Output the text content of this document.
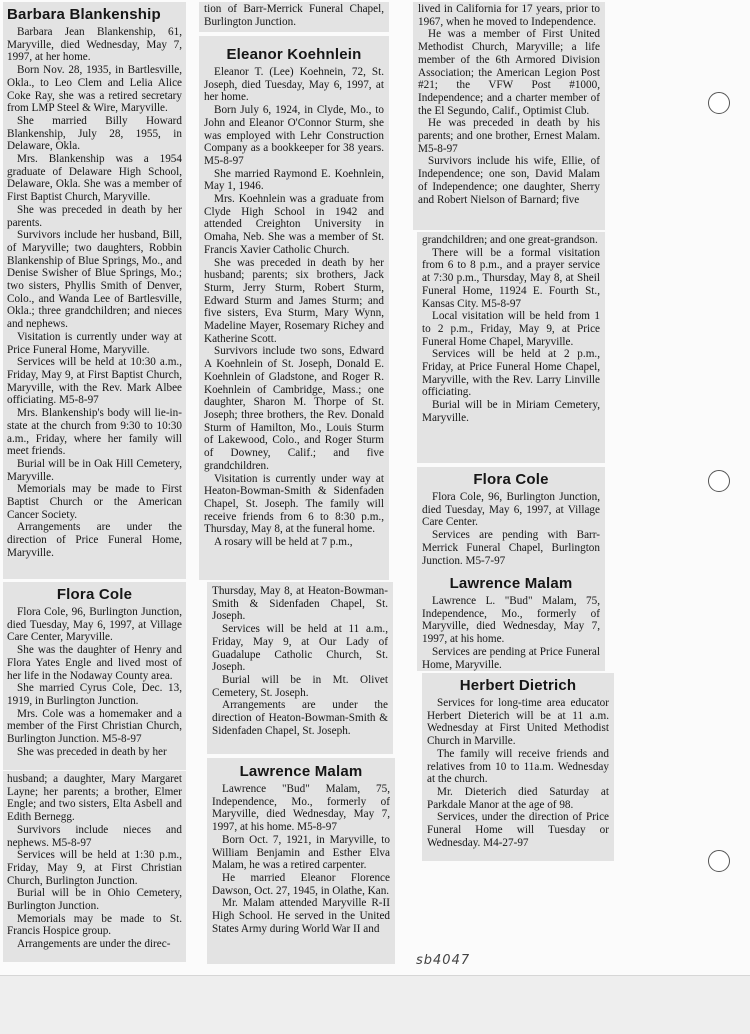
Barbara Blankenship

Barbara Jean Blankenship, 61, Maryville, died Wednesday, May 7, 1997, at her home.

Born Nov. 28, 1935, in Bartlesville, Okla., to Leo Clem and Lelia Alice Coke Ray, she was a retired secretary from LMP Steel & Wire, Maryville.

She married Billy Howard Blankenship, July 28, 1955, in Delaware, Okla.

Mrs. Blankenship was a 1954 graduate of Delaware High School, Delaware, Okla. She was a member of First Baptist Church, Maryville.

She was preceded in death by her parents.

Survivors include her husband, Bill, of Maryville; two daughters, Robbin Blankenship of Blue Springs, Mo., and Denise Swisher of Blue Springs, Mo.; two sisters, Phyllis Smith of Denver, Colo., and Wanda Lee of Bartlesville, Okla.; three grandchildren; and nieces and nephews.

Visitation is currently under way at Price Funeral Home, Maryville.

Services will be held at 10:30 a.m., Friday, May 9, at First Baptist Church, Maryville, with the Rev. Mark Albee officiating. M5-8-97

Mrs. Blankenship's body will lie-in-state at the church from 9:30 to 10:30 a.m., Friday, where her family will meet friends.

Burial will be in Oak Hill Cemetery, Maryville.

Memorials may be made to First Baptist Church or the American Cancer Society.

Arrangements are under the direction of Price Funeral Home, Maryville.

Flora Cole

Flora Cole, 96, Burlington Junction, died Tuesday, May 6, 1997, at Village Care Center, Maryville.

She was the daughter of Henry and Flora Yates Engle and lived most of her life in the Nodaway County area.

She married Cyrus Cole, Dec. 13, 1919, in Burlington Junction.

Mrs. Cole was a homemaker and a member of the First Christian Church, Burlington Junction. M5-8-97

She was preceded in death by her

husband; a daughter, Mary Margaret Layne; her parents; a brother, Elmer Engle; and two sisters, Elta Asbell and Edith Bernegg.

Survivors include nieces and nephews. M5-8-97

Services will be held at 1:30 p.m., Friday, May 9, at First Christian Church, Burlington Junction.

Burial will be in Ohio Cemetery, Burlington Junction.

Memorials may be made to St. Francis Hospice group.

Arrangements are under the direc-

tion of Barr-Merrick Funeral Chapel, Burlington Junction.

Eleanor Koehnlein

Eleanor T. (Lee) Koehnein, 72, St. Joseph, died Tuesday, May 6, 1997, at her home.

Born July 6, 1924, in Clyde, Mo., to John and Eleanor O'Connor Sturm, she was employed with Lehr Construction Company as a bookkeeper for 38 years. M5-8-97

She married Raymond E. Koehnlein, May 1, 1946.

Mrs. Koehnlein was a graduate from Clyde High School in 1942 and attended Creighton University in Omaha, Neb. She was a member of St. Francis Xavier Catholic Church.

She was preceded in death by her husband; parents; six brothers, Jack Sturm, Jerry Sturm, Robert Sturm, Edward Sturm and James Sturm; and five sisters, Eva Sturm, Mary Wynn, Madeline Mayer, Rosemary Richey and Katherine Scott.

Survivors include two sons, Edward A Koehnlein of St. Joseph, Donald E. Koehnlein of Gladstone, and Roger R. Koehnlein of Cambridge, Mass.; one daughter, Sharon M. Thorpe of St. Joseph; three brothers, the Rev. Donald Sturm of Hamilton, Mo., Louis Sturm of Lakewood, Colo., and Roger Sturm of Downey, Calif.; and five grandchildren.

Visitation is currently under way at Heaton-Bowman-Smith & Sidenfaden Chapel, St. Joseph. The family will receive friends from 6 to 8:30 p.m., Thursday, May 8, at the funeral home.

A rosary will be held at 7 p.m.,

Thursday, May 8, at Heaton-Bowman-Smith & Sidenfaden Chapel, St. Joseph.

Services will be held at 11 a.m., Friday, May 9, at Our Lady of Guadalupe Catholic Church, St. Joseph.

Burial will be in Mt. Olivet Cemetery, St. Joseph.

Arrangements are under the direction of Heaton-Bowman-Smith & Sidenfaden Chapel, St. Joseph.

Lawrence Malam

Lawrence "Bud" Malam, 75, Independence, Mo., formerly of Maryville, died Wednesday, May 7, 1997, at his home. M5-8-97

Born Oct. 7, 1921, in Maryville, to William Benjamin and Esther Elva Malam, he was a retired carpenter.

He married Eleanor Florence Dawson, Oct. 27, 1945, in Olathe, Kan.

Mr. Malam attended Maryville R-II High School. He served in the United States Army during World War II and

lived in California for 17 years, prior to 1967, when he moved to Independence.

He was a member of First United Methodist Church, Maryville; a life member of the 6th Armored Division Association; the American Legion Post #21; the VFW Post #1000, Independence; and a charter member of the El Segundo, Calif., Optimist Club.

He was preceded in death by his parents; and one brother, Ernest Malam. M5-8-97

Survivors include his wife, Ellie, of Independence; one son, David Malam of Independence; one daughter, Sherry and Robert Nielson of Barnard; five

grandchildren; and one great-grandson.

There will be a formal visitation from 6 to 8 p.m., and a prayer service at 7:30 p.m., Thursday, May 8, at Sheil Funeral Home, 11924 E. Fourth St., Kansas City. M5-8-97

Local visitation will be held from 1 to 2 p.m., Friday, May 9, at Price Funeral Home Chapel, Maryville.

Services will be held at 2 p.m., Friday, at Price Funeral Home Chapel, Maryville, with the Rev. Larry Linville officiating.

Burial will be in Miriam Cemetery, Maryville.

Flora Cole

Flora Cole, 96, Burlington Junction, died Tuesday, May 6, 1997, at Village Care Center.

Services are pending with Barr-Merrick Funeral Chapel, Burlington Junction. M5-7-97

Lawrence Malam

Lawrence L. "Bud" Malam, 75, Independence, Mo., formerly of Maryville, died Wednesday, May 7, 1997, at his home.

Services are pending at Price Funeral Home, Maryville.

Herbert Dietrich

Services for long-time area educator Herbert Dieterich will be at 11 a.m. Wednesday at First United Methodist Church in Marville.

The family will receive friends and relatives from 10 to 11a.m. Wednesday at the church.

Mr. Dieterich died Saturday at Parkdale Manor at the age of 98.

Services, under the direction of Price Funeral Home will Tuesday or Wednesday. M4-27-97

sb4047
